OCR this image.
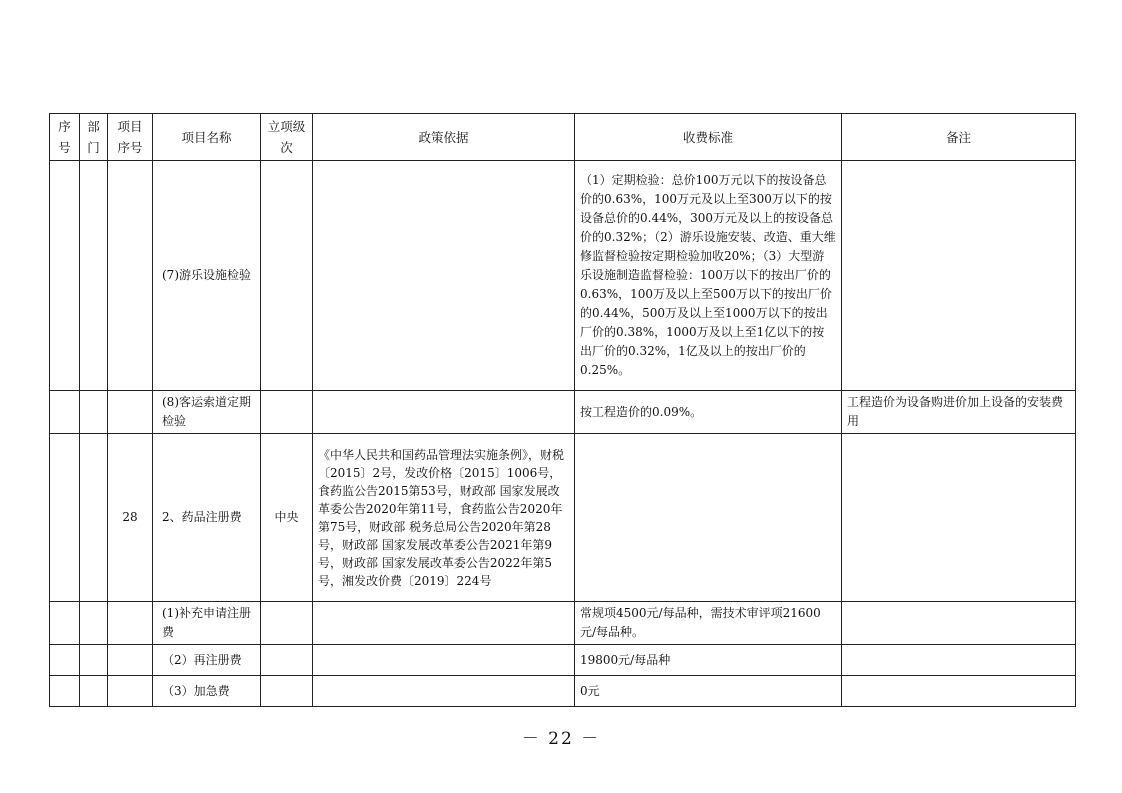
序号	部门	项目序号	项目名称	立项级次	政策依据	收费标准	备注
			(7)游乐设施检验			（1）定期检验：总价100万元以下的按设备总价的0.63%，100万元及以上至300万以下的按设备总价的0.44%，300万元及以上的按设备总价的0.32%；（2）游乐设施安装、改造、重大维修监督检验按定期检验加收20%；（3）大型游乐设施制造监督检验：100万以下的按出厂价的0.63%，100万及以上至500万以下的按出厂价的0.44%，500万及以上至1000万以下的按出厂价的0.38%，1000万及以上至1亿以下的按出厂价的0.32%，1亿及以上的按出厂价的0.25%。	
			(8)客运索道定期检验			按工程造价的0.09%。	工程造价为设备购进价加上设备的安装费用
		28	2、药品注册费	中央	《中华人民共和国药品管理法实施条例》，财税〔2015〕2号，发改价格〔2015〕1006号，食药监公告2015第53号，财政部 国家发展改革委公告2020年第11号，食药监公告2020年第75号，财政部 税务总局公告2020年第28号，财政部 国家发展改革委公告2021年第9号，财政部 国家发展改革委公告2022年第5号，湘发改价费〔2019〕224号		
			(1)补充申请注册费			常规项4500元/每品种，需技术审评项21600元/每品种。	
			（2）再注册费			19800元/每品种	
			（3）加急费			0元	
－ 22 －
